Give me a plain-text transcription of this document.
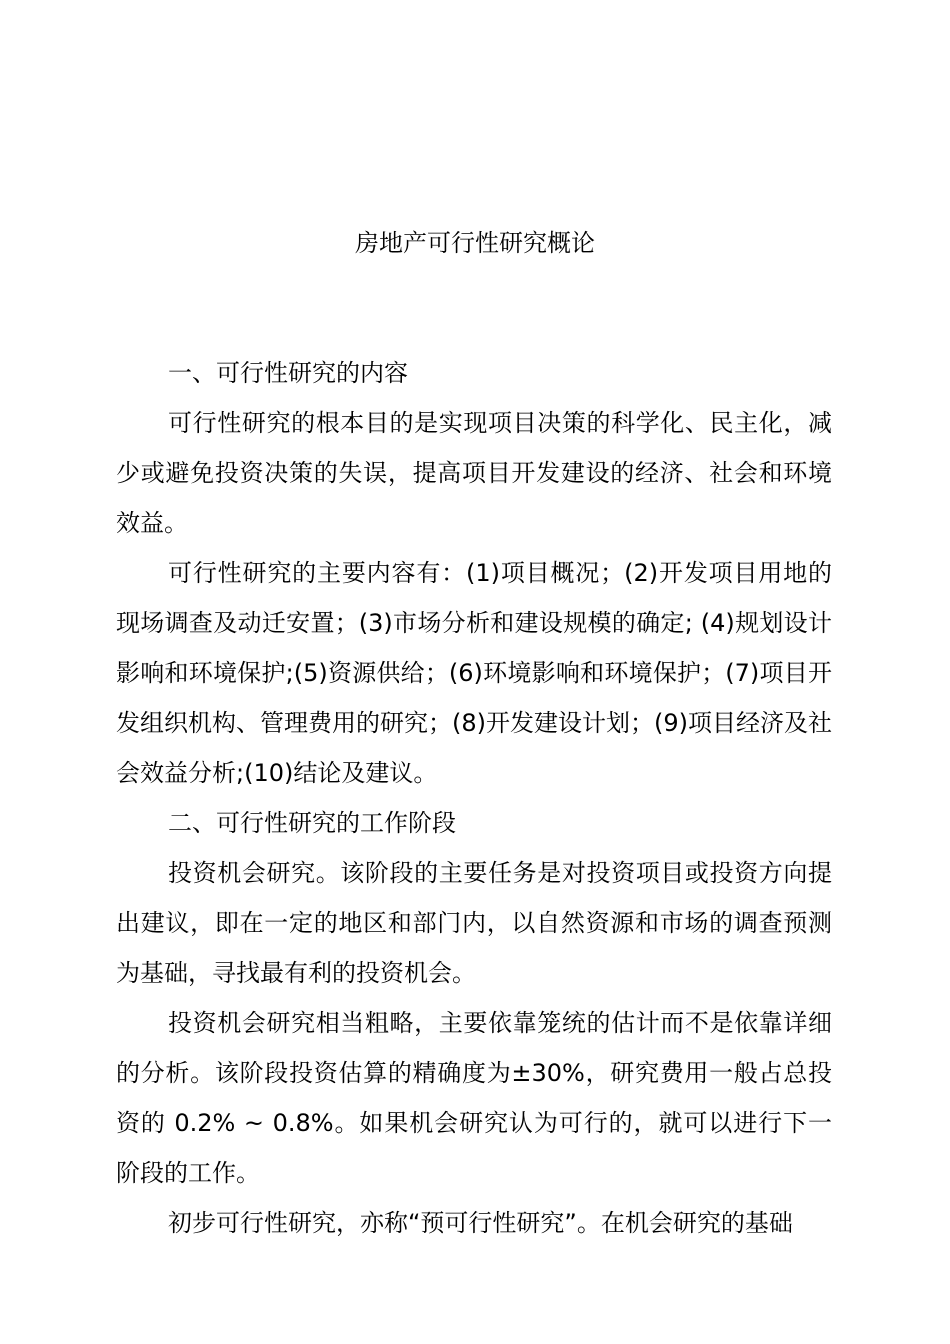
房地产可行性研究概论
一、可行性研究的内容

可行性研究的根本目的是实现项目决策的科学化、民主化，减少或避免投资决策的失误，提高项目开发建设的经济、社会和环境效益。

可行性研究的主要内容有：(1)项目概况；(2)开发项目用地的现场调查及动迁安置；(3)市场分析和建设规模的确定; (4)规划设计影响和环境保护;(5)资源供给；(6)环境影响和环境保护；(7)项目开发组织机构、管理费用的研究；(8)开发建设计划；(9)项目经济及社会效益分析;(10)结论及建议。

二、可行性研究的工作阶段

投资机会研究。该阶段的主要任务是对投资项目或投资方向提出建议，即在一定的地区和部门内，以自然资源和市场的调查预测为基础，寻找最有利的投资机会。

投资机会研究相当粗略，主要依靠笼统的估计而不是依靠详细的分析。该阶段投资估算的精确度为±30%，研究费用一般占总投资的 0.2% ~ 0.8%。如果机会研究认为可行的，就可以进行下一阶段的工作。

初步可行性研究，亦称“预可行性研究”。在机会研究的基础
